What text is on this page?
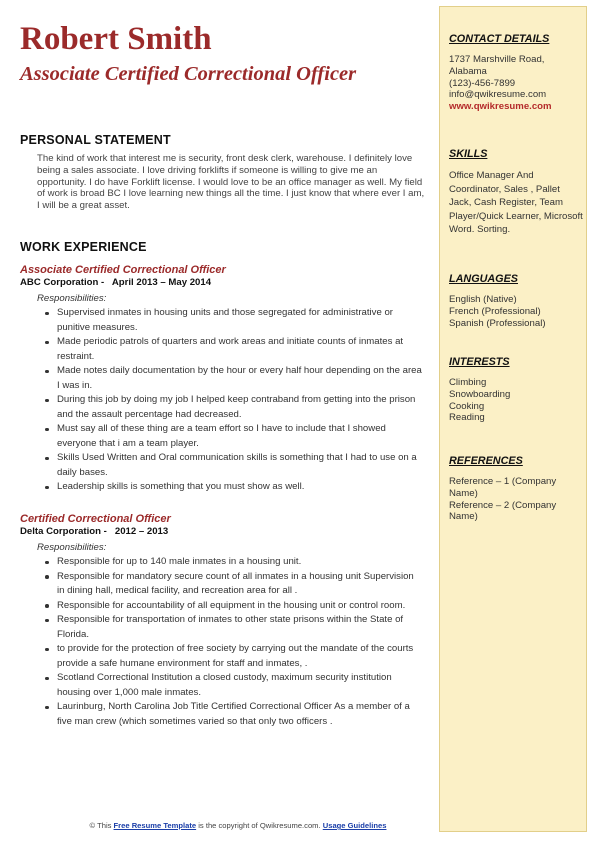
Robert Smith
Associate Certified Correctional Officer
PERSONAL STATEMENT

The kind of work that interest me is security, front desk clerk, warehouse. I definitely love being a sales associate. I love driving forklifts if someone is willing to give me an opportunity. I do have Forklift license. I would love to be an office manager as well. My field of work is broad BC I love learning new things all the time. I just know that where ever I am, I will be a great asset.

WORK EXPERIENCE

Associate Certified Correctional Officer

ABC Corporation -   April 2013 – May 2014

Responsibilities:

Supervised inmates in housing units and those segregated for administrative or punitive measures.
Made periodic patrols of quarters and work areas and initiate counts of inmates at restraint.
Made notes daily documentation by the hour or every half hour depending on the area I was in.
During this job by doing my job I helped keep contraband from getting into the prison and the assault percentage had decreased.
Must say all of these thing are a team effort so I have to include that I showed everyone that i am a team player.
Skills Used Written and Oral communication skills is something that I had to use on a daily bases.
Leadership skills is something that you must show as well.

Certified Correctional Officer

Delta Corporation -   2012 – 2013

Responsibilities:

Responsible for up to 140 male inmates in a housing unit.
Responsible for mandatory secure count of all inmates in a housing unit Supervision in dining hall, medical facility, and recreation area for all .
Responsible for accountability of all equipment in the housing unit or control room.
Responsible for transportation of inmates to other state prisons within the State of Florida.
to provide for the protection of free society by carrying out the mandate of the courts provide a safe humane environment for staff and inmates, .
Scotland Correctional Institution a closed custody, maximum security institution housing over 1,000 male inmates.
Laurinburg, North Carolina Job Title Certified Correctional Officer As a member of a five man crew (which sometimes varied so that only two officers .
CONTACT DETAILS

1737 Marshville Road,

Alabama

(123)-456-7899

info@qwikresume.com

www.qwikresume.com

SKILLS

Office Manager And Coordinator, Sales , Pallet Jack, Cash Register, Team Player/Quick Learner, Microsoft Word. Sorting.

LANGUAGES

English (Native)

French (Professional)

Spanish (Professional)

INTERESTS

Climbing

Snowboarding

Cooking

Reading

REFERENCES

Reference – 1 (Company Name)

Reference – 2 (Company Name)

© This Free Resume Template is the copyright of Qwikresume.com. Usage Guidelines
